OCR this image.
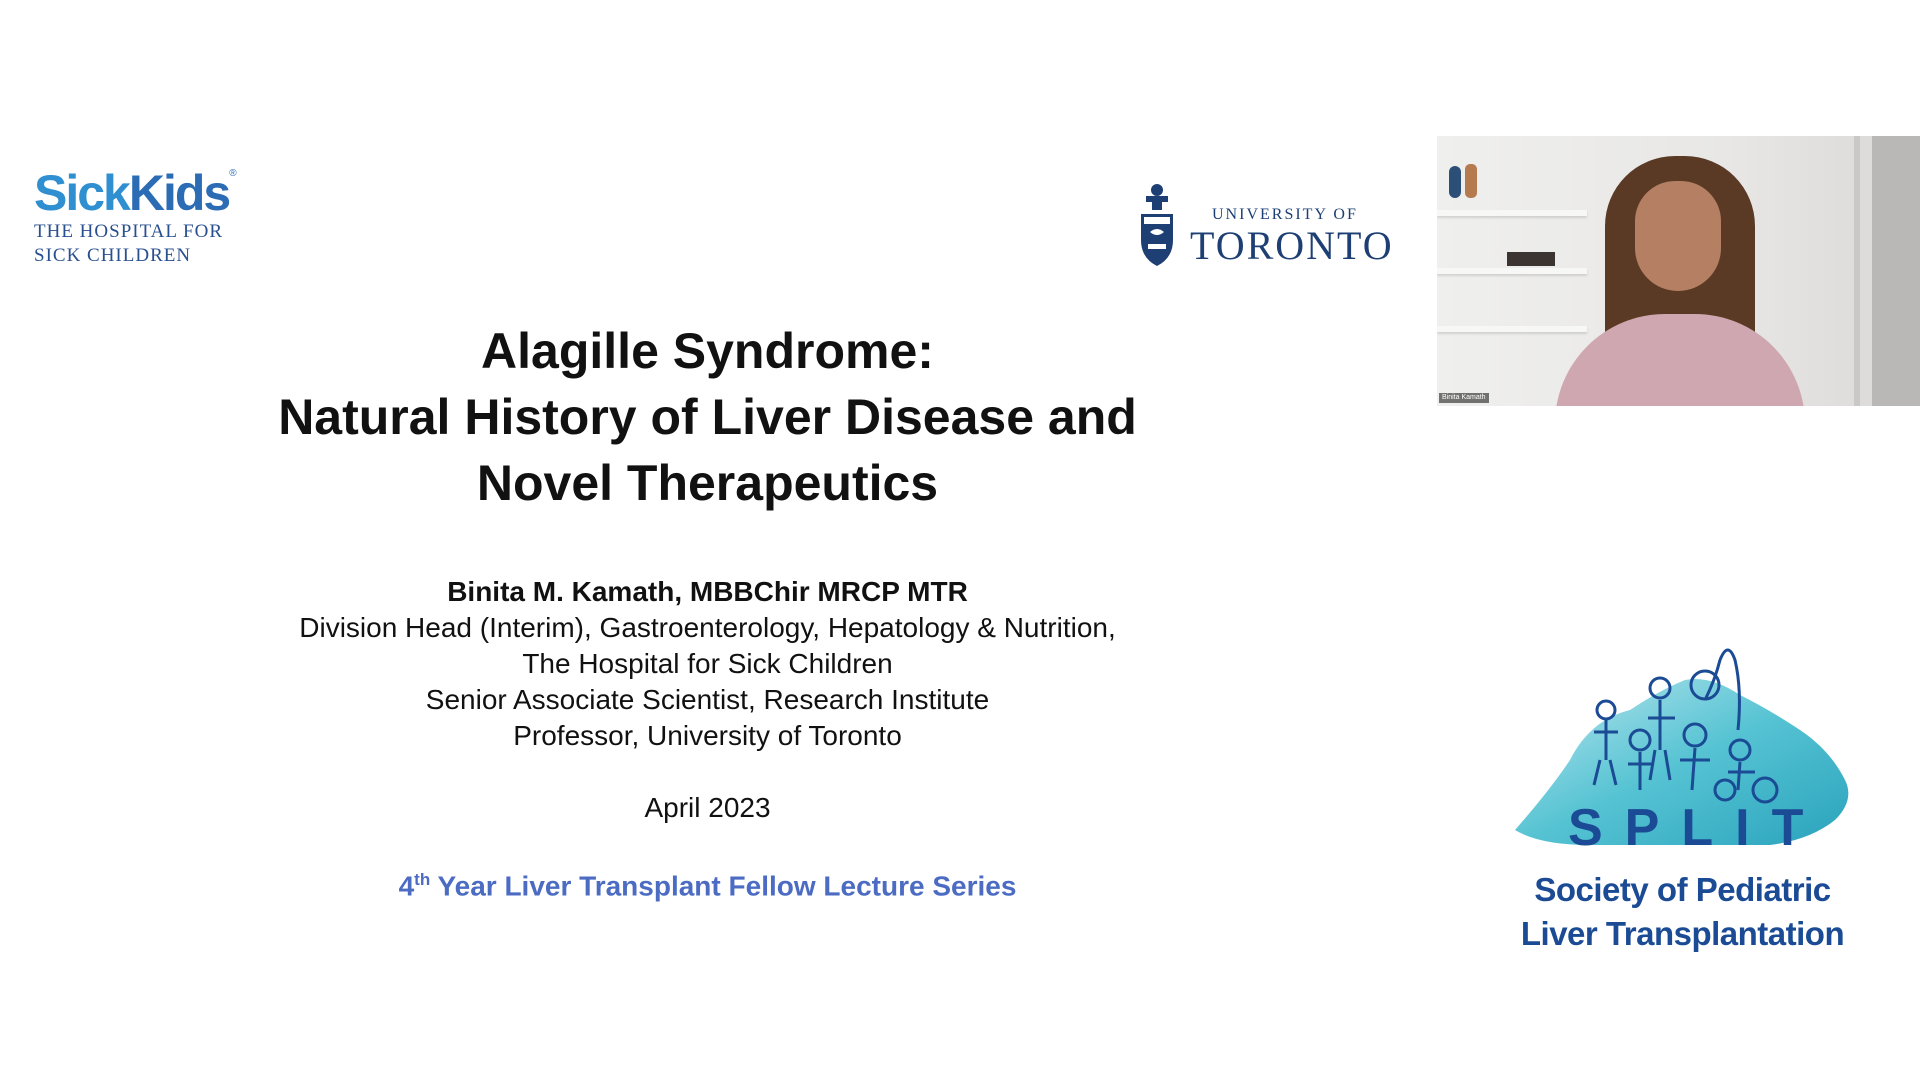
SickKids®
THE HOSPITAL FOR
SICK CHILDREN
UNIVERSITY OF
TORONTO
Alagille Syndrome:
Natural History of Liver Disease and
Novel Therapeutics
Binita M. Kamath, MBBChir MRCP MTR
Division Head (Interim), Gastroenterology, Hepatology & Nutrition,
The Hospital for Sick Children
Senior Associate Scientist, Research Institute
Professor, University of Toronto
April 2023
4th Year Liver Transplant Fellow Lecture Series
Binita Kamath
SPLIT
Society of Pediatric
Liver Transplantation
